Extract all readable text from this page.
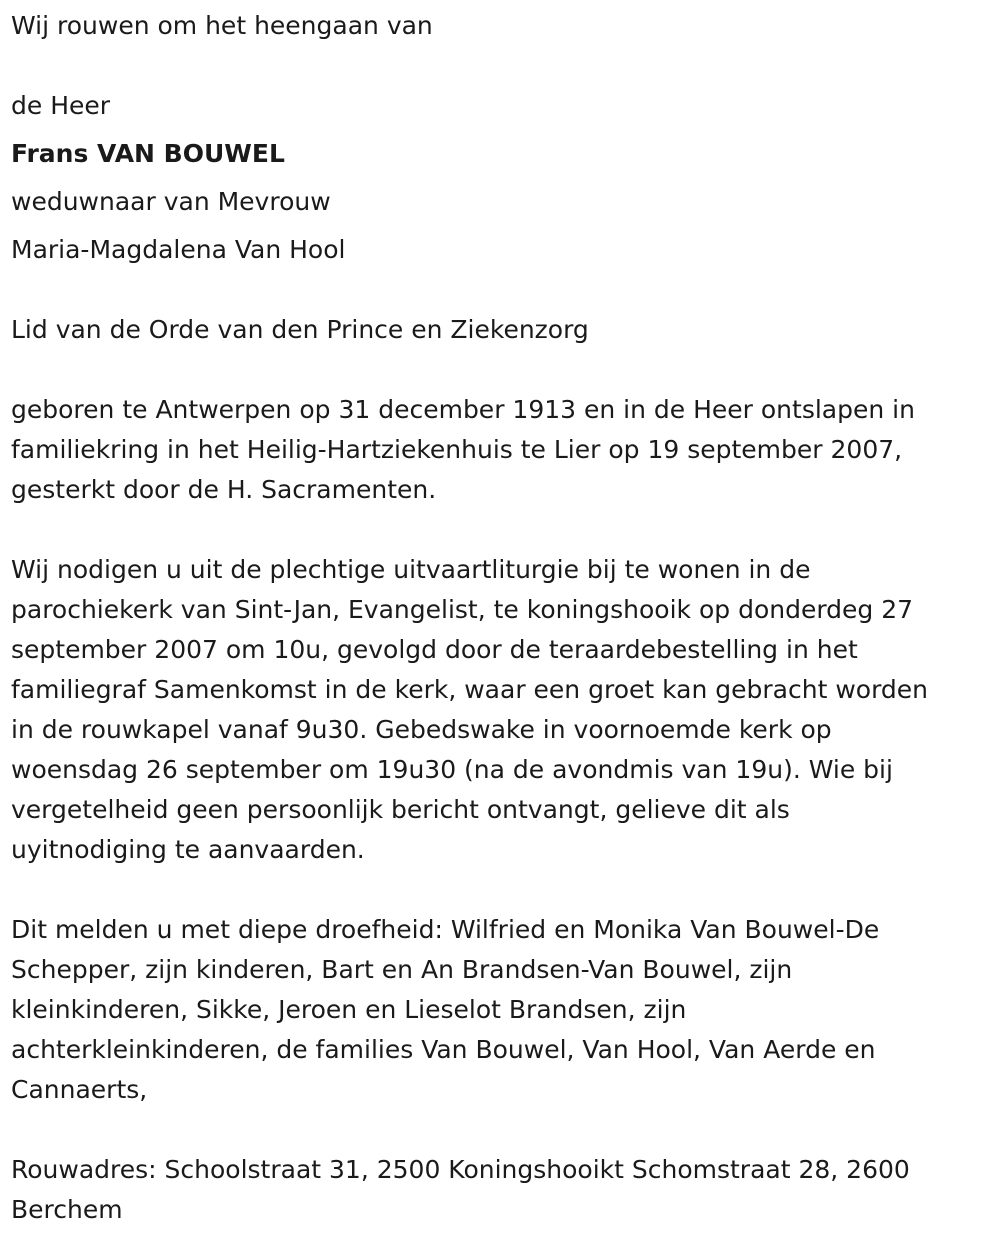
Wij rouwen om het heengaan van
de Heer
Frans VAN BOUWEL
weduwnaar van Mevrouw
Maria-Magdalena Van Hool
Lid van de Orde van den Prince en Ziekenzorg
geboren te Antwerpen op 31 december 1913 en in de Heer ontslapen in
familiekring in het Heilig-Hartziekenhuis te Lier op 19 september 2007,
gesterkt door de H. Sacramenten.
Wij nodigen u uit de plechtige uitvaartliturgie bij te wonen in de
parochiekerk van Sint-Jan, Evangelist, te koningshooik op donderdeg 27
september 2007 om 10u, gevolgd door de teraardebestelling in het
familiegraf Samenkomst in de kerk, waar een groet kan gebracht worden
in de rouwkapel vanaf 9u30. Gebedswake in voornoemde kerk op
woensdag 26 september om 19u30 (na de avondmis van 19u). Wie bij
vergetelheid geen persoonlijk bericht ontvangt, gelieve dit als
uyitnodiging te aanvaarden.
Dit melden u met diepe droefheid: Wilfried en Monika Van Bouwel-De
Schepper, zijn kinderen, Bart en An Brandsen-Van Bouwel, zijn
kleinkinderen, Sikke, Jeroen en Lieselot Brandsen, zijn
achterkleinkinderen, de families Van Bouwel, Van Hool, Van Aerde en
Cannaerts,
Rouwadres: Schoolstraat 31, 2500 Koningshooikt Schomstraat 28, 2600
Berchem
